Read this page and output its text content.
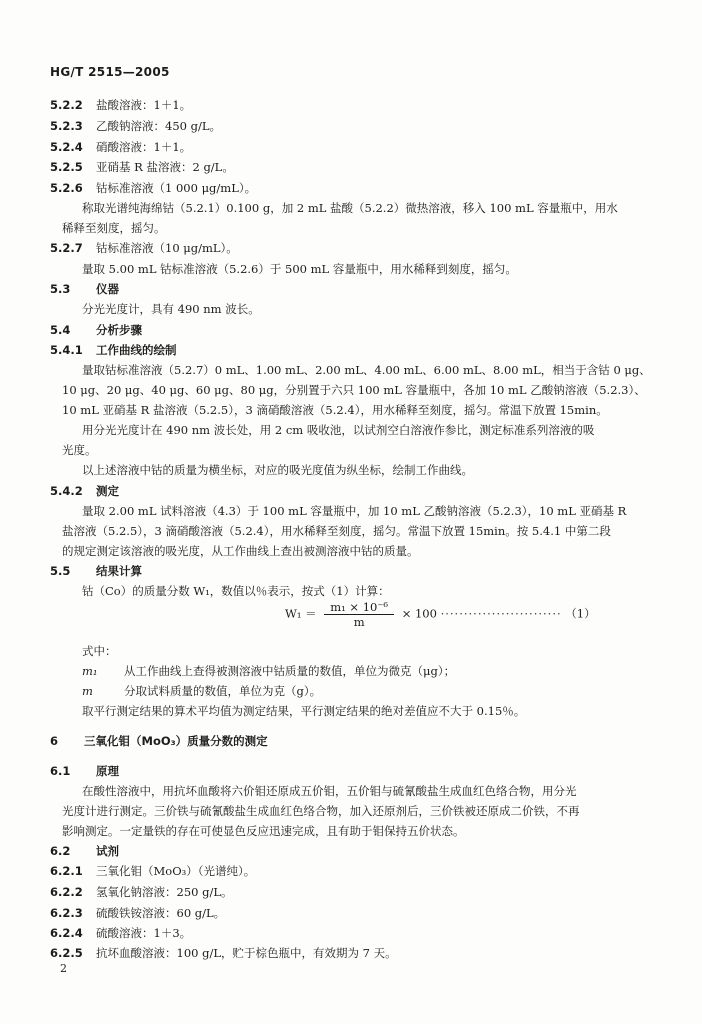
HG/T 2515—2005
5.2.2 盐酸溶液：1＋1。
5.2.3 乙酸钠溶液：450 g/L。
5.2.4 硝酸溶液：1＋1。
5.2.5 亚硝基 R 盐溶液：2 g/L。
5.2.6 钴标准溶液（1 000 μg/mL）。
称取光谱纯海绵钴（5.2.1）0.100 g，加 2 mL 盐酸（5.2.2）微热溶液，移入 100 mL 容量瓶中，用水
稀释至刻度，摇匀。
5.2.7 钴标准溶液（10 μg/mL）。
量取 5.00 mL 钴标准溶液（5.2.6）于 500 mL 容量瓶中，用水稀释到刻度，摇匀。
5.3 仪器
分光光度计，具有 490 nm 波长。
5.4 分析步骤
5.4.1 工作曲线的绘制
量取钴标准溶液（5.2.7）0 mL、1.00 mL、2.00 mL、4.00 mL、6.00 mL、8.00 mL，相当于含钴 0 μg、
10 μg、20 μg、40 μg、60 μg、80 μg，分别置于六只 100 mL 容量瓶中，各加 10 mL 乙酸钠溶液（5.2.3）、
10 mL 亚硝基 R 盐溶液（5.2.5），3 滴硝酸溶液（5.2.4），用水稀释至刻度，摇匀。常温下放置 15min。
用分光光度计在 490 nm 波长处，用 2 cm 吸收池，以试剂空白溶液作参比，测定标准系列溶液的吸
光度。
以上述溶液中钴的质量为横坐标，对应的吸光度值为纵坐标，绘制工作曲线。
5.4.2 测定
量取 2.00 mL 试料溶液（4.3）于 100 mL 容量瓶中，加 10 mL 乙酸钠溶液（5.2.3），10 mL 亚硝基 R
盐溶液（5.2.5），3 滴硝酸溶液（5.2.4），用水稀释至刻度，摇匀。常温下放置 15min。按 5.4.1 中第二段
的规定测定该溶液的吸光度，从工作曲线上查出被测溶液中钴的质量。
5.5 结果计算
钴（Co）的质量分数 W₁，数值以％表示，按式（1）计算：
$W_1 = \frac{\text{m₁ × 10⁻⁶}}{m} \times 100$ ·························· （1）
式中：
m₁ 从工作曲线上查得被测溶液中钴质量的数值，单位为微克（μg）；
m	分取试料质量的数值，单位为克（g）。
取平行测定结果的算术平均值为测定结果，平行测定结果的绝对差值应不大于 0.15％。
6 三氧化钼（MoO₃）质量分数的测定
6.1 原理
在酸性溶液中，用抗坏血酸将六价钼还原成五价钼，五价钼与硫氰酸盐生成血红色络合物，用分光
光度计进行测定。三价铁与硫氰酸盐生成血红色络合物，加入还原剂后，三价铁被还原成二价铁，不再
影响测定。一定量铁的存在可使显色反应迅速完成，且有助于钼保持五价状态。
6.2 试剂
6.2.1 三氧化钼（MoO₃）（光谱纯）。
6.2.2 氢氧化钠溶液：250 g/L。
6.2.3 硫酸铁铵溶液：60 g/L。
6.2.4 硫酸溶液：1＋3。
6.2.5 抗坏血酸溶液：100 g/L，贮于棕色瓶中，有效期为 7 天。
2
